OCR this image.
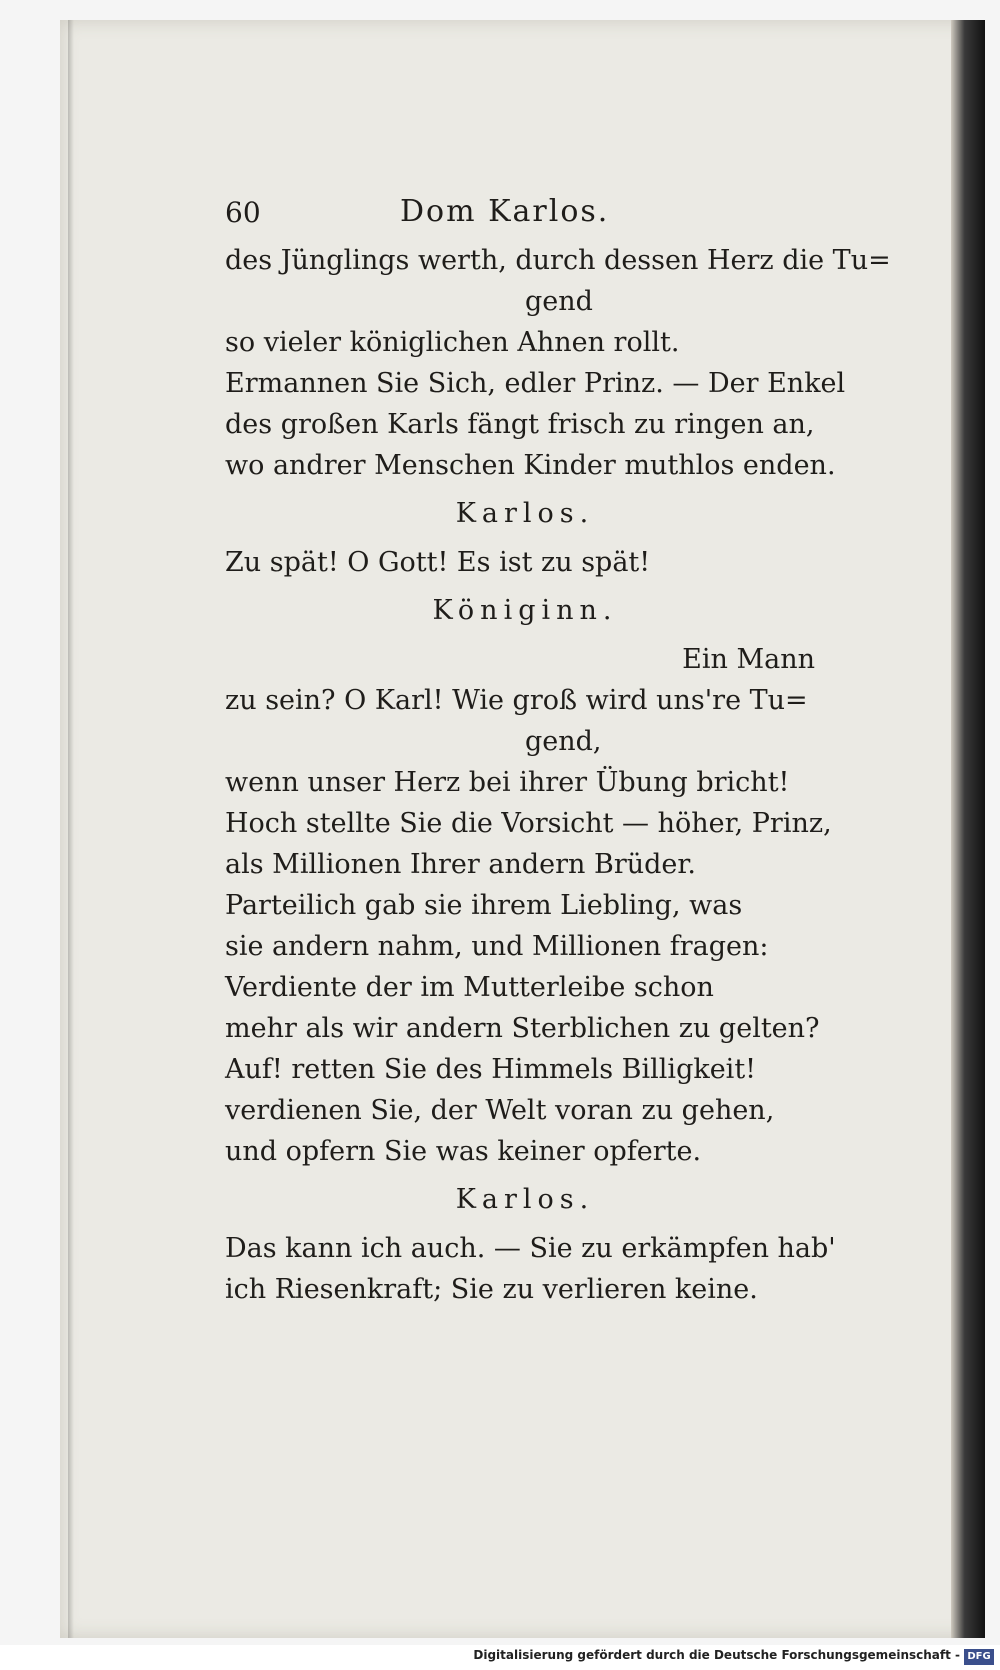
60	Dom Karlos.
des Jünglings werth, durch dessen Herz die Tu=
gend
so vieler königlichen Ahnen rollt.
Ermannen Sie Sich, edler Prinz. — Der Enkel
des großen Karls fängt frisch zu ringen an,
wo andrer Menschen Kinder muthlos enden.
Karlos.
Zu spät! O Gott! Es ist zu spät!
Königinn.
Ein Mann
zu sein? O Karl! Wie groß wird uns're Tu=
gend,
wenn unser Herz bei ihrer Übung bricht!
Hoch stellte Sie die Vorsicht — höher, Prinz,
als Millionen Ihrer andern Brüder.
Parteilich gab sie ihrem Liebling, was
sie andern nahm, und Millionen fragen:
Verdiente der im Mutterleibe schon
mehr als wir andern Sterblichen zu gelten?
Auf! retten Sie des Himmels Billigkeit!
verdienen Sie, der Welt voran zu gehen,
und opfern Sie was keiner opferte.
Karlos.
Das kann ich auch. — Sie zu erkämpfen hab'
ich Riesenkraft; Sie zu verlieren keine.
Digitalisierung gefördert durch die Deutsche Forschungsgemeinschaft - DFG
